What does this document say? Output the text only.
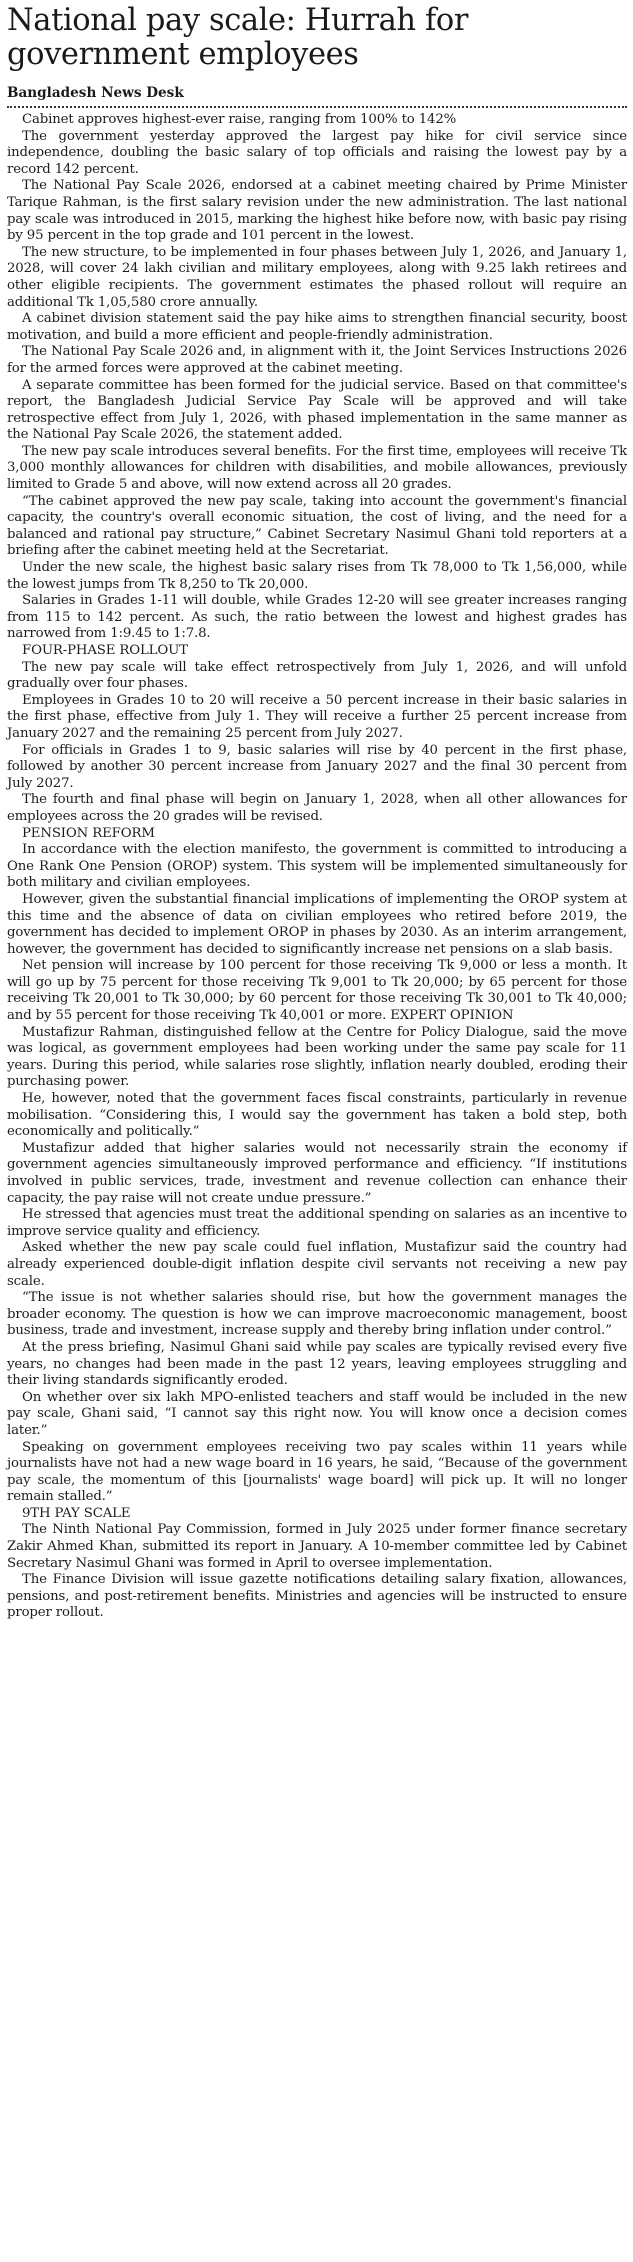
National pay scale: Hurrah for government employees
Bangladesh News Desk

Cabinet approves highest-ever raise, ranging from 100% to 142%

The government yesterday approved the largest pay hike for civil service since independence, doubling the basic salary of top officials and raising the lowest pay by a record 142 percent.

The National Pay Scale 2026, endorsed at a cabinet meeting chaired by Prime Minister Tarique Rahman, is the first salary revision under the new administration. The last national pay scale was introduced in 2015, marking the highest hike before now, with basic pay rising by 95 percent in the top grade and 101 percent in the lowest.

The new structure, to be implemented in four phases between July 1, 2026, and January 1, 2028, will cover 24 lakh civilian and military employees, along with 9.25 lakh retirees and other eligible recipients. The government estimates the phased rollout will require an additional Tk 1,05,580 crore annually.

A cabinet division statement said the pay hike aims to strengthen financial security, boost motivation, and build a more efficient and people-friendly administration.

The National Pay Scale 2026 and, in alignment with it, the Joint Services Instructions 2026 for the armed forces were approved at the cabinet meeting.

A separate committee has been formed for the judicial service. Based on that committee's report, the Bangladesh Judicial Service Pay Scale will be approved and will take retrospective effect from July 1, 2026, with phased implementation in the same manner as the National Pay Scale 2026, the statement added.

The new pay scale introduces several benefits. For the first time, employees will receive Tk 3,000 monthly allowances for children with disabilities, and mobile allowances, previously limited to Grade 5 and above, will now extend across all 20 grades.

“The cabinet approved the new pay scale, taking into account the government's financial capacity, the country's overall economic situation, the cost of living, and the need for a balanced and rational pay structure,” Cabinet Secretary Nasimul Ghani told reporters at a briefing after the cabinet meeting held at the Secretariat.

Under the new scale, the highest basic salary rises from Tk 78,000 to Tk 1,56,000, while the lowest jumps from Tk 8,250 to Tk 20,000.

Salaries in Grades 1-11 will double, while Grades 12-20 will see greater increases ranging from 115 to 142 percent. As such, the ratio between the lowest and highest grades has narrowed from 1:9.45 to 1:7.8.

FOUR-PHASE ROLLOUT

The new pay scale will take effect retrospectively from July 1, 2026, and will unfold gradually over four phases.

Employees in Grades 10 to 20 will receive a 50 percent increase in their basic salaries in the first phase, effective from July 1. They will receive a further 25 percent increase from January 2027 and the remaining 25 percent from July 2027.

For officials in Grades 1 to 9, basic salaries will rise by 40 percent in the first phase, followed by another 30 percent increase from January 2027 and the final 30 percent from July 2027.

The fourth and final phase will begin on January 1, 2028, when all other allowances for employees across the 20 grades will be revised.

PENSION REFORM

In accordance with the election manifesto, the government is committed to introducing a One Rank One Pension (OROP) system. This system will be implemented simultaneously for both military and civilian employees.

However, given the substantial financial implications of implementing the OROP system at this time and the absence of data on civilian employees who retired before 2019, the government has decided to implement OROP in phases by 2030. As an interim arrangement, however, the government has decided to significantly increase net pensions on a slab basis.

Net pension will increase by 100 percent for those receiving Tk 9,000 or less a month. It will go up by 75 percent for those receiving Tk 9,001 to Tk 20,000; by 65 percent for those receiving Tk 20,001 to Tk 30,000; by 60 percent for those receiving Tk 30,001 to Tk 40,000; and by 55 percent for those receiving Tk 40,001 or more. EXPERT OPINION

Mustafizur Rahman, distinguished fellow at the Centre for Policy Dialogue, said the move was logical, as government employees had been working under the same pay scale for 11 years. During this period, while salaries rose slightly, inflation nearly doubled, eroding their purchasing power.

He, however, noted that the government faces fiscal constraints, particularly in revenue mobilisation. “Considering this, I would say the government has taken a bold step, both economically and politically.”

Mustafizur added that higher salaries would not necessarily strain the economy if government agencies simultaneously improved performance and efficiency. “If institutions involved in public services, trade, investment and revenue collection can enhance their capacity, the pay raise will not create undue pressure.”

He stressed that agencies must treat the additional spending on salaries as an incentive to improve service quality and efficiency.

Asked whether the new pay scale could fuel inflation, Mustafizur said the country had already experienced double-digit inflation despite civil servants not receiving a new pay scale.

“The issue is not whether salaries should rise, but how the government manages the broader economy. The question is how we can improve macroeconomic management, boost business, trade and investment, increase supply and thereby bring inflation under control.”

At the press briefing, Nasimul Ghani said while pay scales are typically revised every five years, no changes had been made in the past 12 years, leaving employees struggling and their living standards significantly eroded.

On whether over six lakh MPO-enlisted teachers and staff would be included in the new pay scale, Ghani said, “I cannot say this right now. You will know once a decision comes later.”

Speaking on government employees receiving two pay scales within 11 years while journalists have not had a new wage board in 16 years, he said, “Because of the government pay scale, the momentum of this [journalists' wage board] will pick up. It will no longer remain stalled.”

9TH PAY SCALE

The Ninth National Pay Commission, formed in July 2025 under former finance secretary Zakir Ahmed Khan, submitted its report in January. A 10-member committee led by Cabinet Secretary Nasimul Ghani was formed in April to oversee implementation.

The Finance Division will issue gazette notifications detailing salary fixation, allowances, pensions, and post-retirement benefits. Ministries and agencies will be instructed to ensure proper rollout.
